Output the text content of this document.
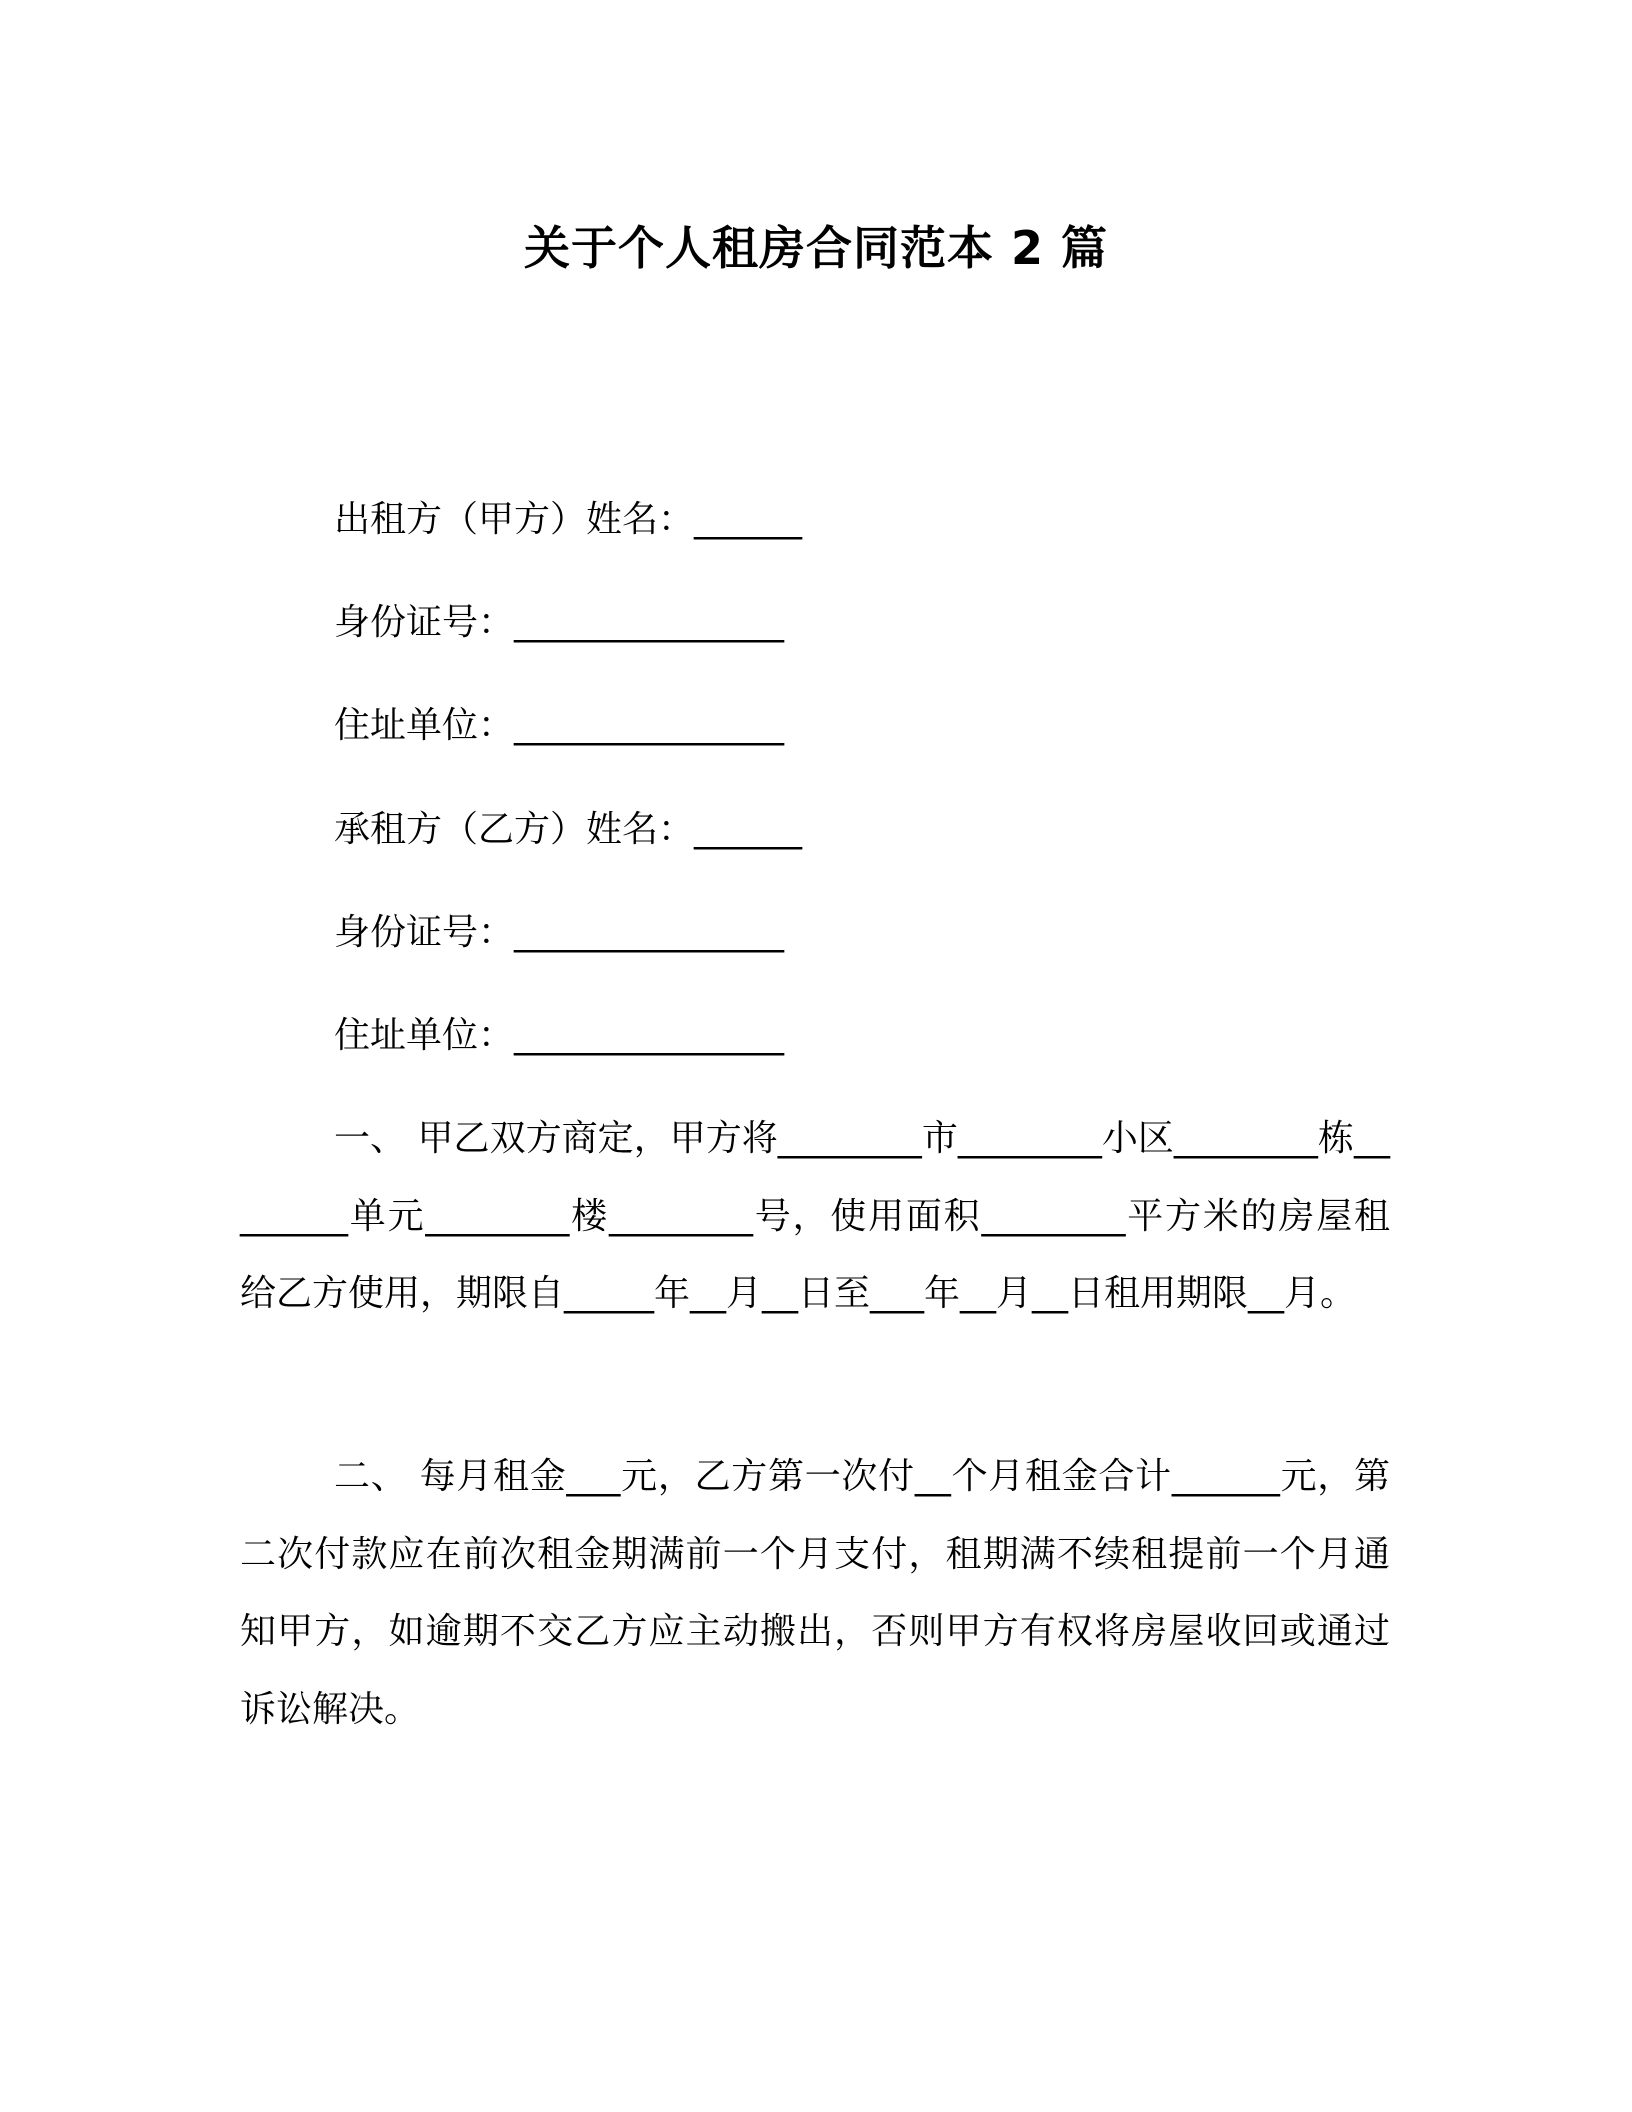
关于个人租房合同范本 2 篇
出租方（甲方）姓名：______
身份证号：_______________
住址单位：_______________
承租方（乙方）姓名：______
身份证号：_______________
住址单位：_______________

一、 甲乙双方商定，甲方将________市________小区________栋________单元________楼________号，使用面积________平方米的房屋租给乙方使用，期限自_____年__月__日至___年__月__日租用期限__月。

二、 每月租金___元，乙方第一次付__个月租金合计______元，第二次付款应在前次租金期满前一个月支付，租期满不续租提前一个月通知甲方，如逾期不交乙方应主动搬出，否则甲方有权将房屋收回或通过诉讼解决。
